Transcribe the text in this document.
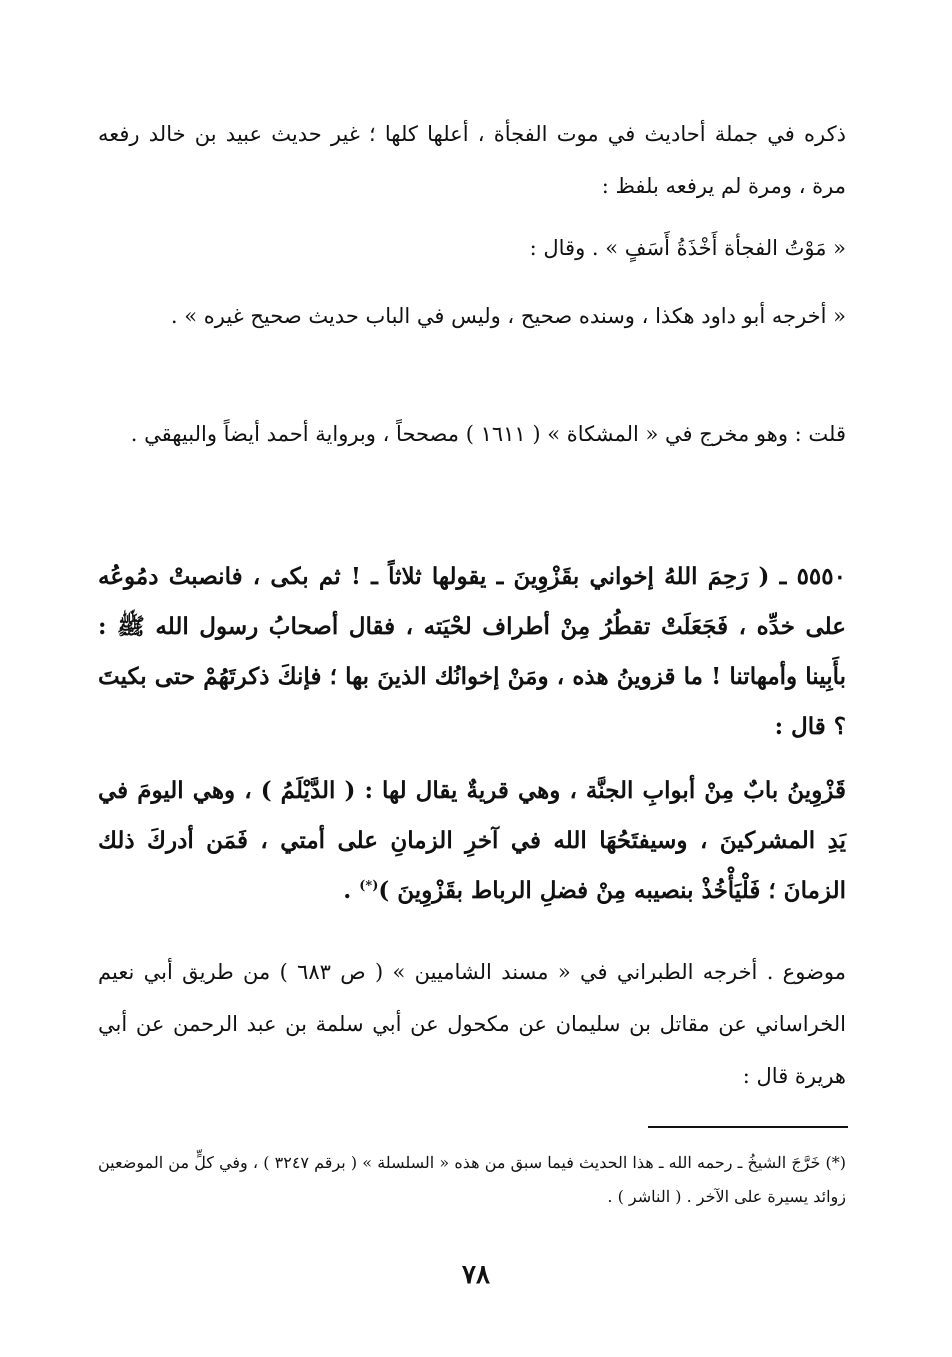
ذكره في جملة أحاديث في موت الفجأة ، أعلها كلها ؛ غير حديث عبيد بن خالد رفعه مرة ، ومرة لم يرفعه بلفظ :

« مَوْتُ الفجأة أَخْذَةُ أَسَفٍ » . وقال :

« أخرجه أبو داود هكذا ، وسنده صحيح ، وليس في الباب حديث صحيح غيره » .

قلت : وهو مخرج في « المشكاة » ( ١٦١١ ) مصححاً ، وبرواية أحمد أيضاً والبيهقي .

٥٥٥٠ ـ ( رَحِمَ اللهُ إخواني بقَزْوِينَ ـ يقولها ثلاثاً ـ ! ثم بكى ، فانصبتْ دمُوعُه على خدِّه ، فَجَعَلَتْ تقطُرُ مِنْ أطراف لحْيَته ، فقال أصحابُ رسول الله ﷺ : بأَبِينا وأمهاتنا ! ما قزوينُ هذه ، ومَنْ إخوانُك الذينَ بها ؛ فإنكَ ذكرتَهُمْ حتى بكيتَ ؟ قال :

قَزْوِينُ بابٌ مِنْ أبوابِ الجنَّة ، وهي قريةٌ يقال لها : ( الدَّيْلَمُ ) ، وهي اليومَ في يَدِ المشركينَ ، وسيفتَحُهَا الله في آخرِ الزمانِ على أمتي ، فَمَن أدركَ ذلك الزمانَ ؛ فَلْيَأْخُذْ بنصيبه مِنْ فضلِ الرباط بقَزْوِينَ )(*) .

موضوع . أخرجه الطبراني في « مسند الشاميين » ( ص ٦٨٣ ) من طريق أبي نعيم الخراساني عن مقاتل بن سليمان عن مكحول عن أبي سلمة بن عبد الرحمن عن أبي هريرة قال :

(*) خَرَّجَ الشيخُ ـ رحمه الله ـ هذا الحديث فيما سبق من هذه « السلسلة » ( برقم ٣٢٤٧ ) ، وفي كلٍّ من الموضعين زوائد يسيرة على الآخر . ( الناشر ) .

٧٨
